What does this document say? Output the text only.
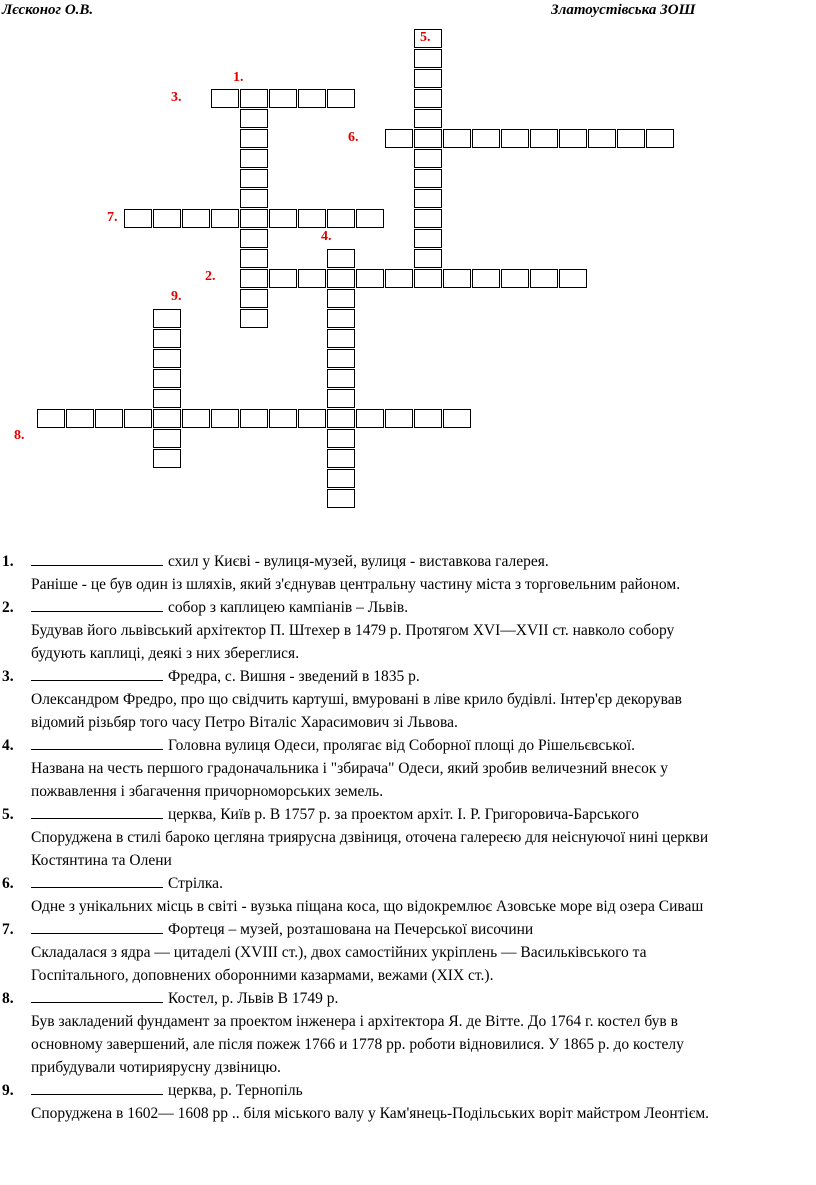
Лєсконог О.В.	Златоустівська ЗОШ
1.
2.
3.
4.
5.
6.
7.
8.
9.
1.	схил у Києві - вулиця-музей, вулиця - виставкова галерея.
Раніше - це був один із шляхів, який з'єднував центральну частину міста з торговельним районом.
2.	собор з каплицею кампіанів – Львів.
Будував його львівський архітектор П. Штехер в 1479 р. Протягом XVI—XVII ст. навколо собору
будують каплиці, деякі з них збереглися.
3.	Фредра, с. Вишня - зведений в 1835 р.
Олександром Фредро, про що свідчить картуші, вмуровані в ліве крило будівлі. Інтер'єр декорував
відомий різьбяр того часу Петро Віталіс Харасимович зі Львова.
4.	Головна вулиця Одеси, пролягає від Соборної площі до Рішельєвської.
Названа на честь першого градоначальника і "збирача" Одеси, який зробив величезний внесок у
пожвавлення і збагачення причорноморських земель.
5.	церква, Київ р. В 1757 р. за проектом архіт. І. Р. Григоровича-Барського
Споруджена в стилі бароко цегляна триярусна дзвіниця, оточена галереєю для неіснуючої нині церкви
Костянтина та Олени
6.	Стрілка.
Одне з унікальних місць в світі - вузька піщана коса, що відокремлює Азовське море від озера Сиваш
7.	Фортеця – музей, розташована на Печерської височини
Складалася з ядра — цитаделі (XVIII ст.), двох самостійних укріплень — Васильківського та
Госпітального, доповнених оборонними казармами, вежами (XIX ст.).
8.	Костел, р. Львів В 1749 р.
Був закладений фундамент за проектом інженера і архітектора Я. де Вітте. До 1764 г. костел був в
основному завершений, але після пожеж 1766 и 1778 рр. роботи відновилися. У 1865 р. до костелу
прибудували чотириярусну дзвіницю.
9.	церква, р. Тернопіль
Споруджена в 1602— 1608 рр .. біля міського валу у Кам'янець-Подільських воріт майстром Леонтієм.
